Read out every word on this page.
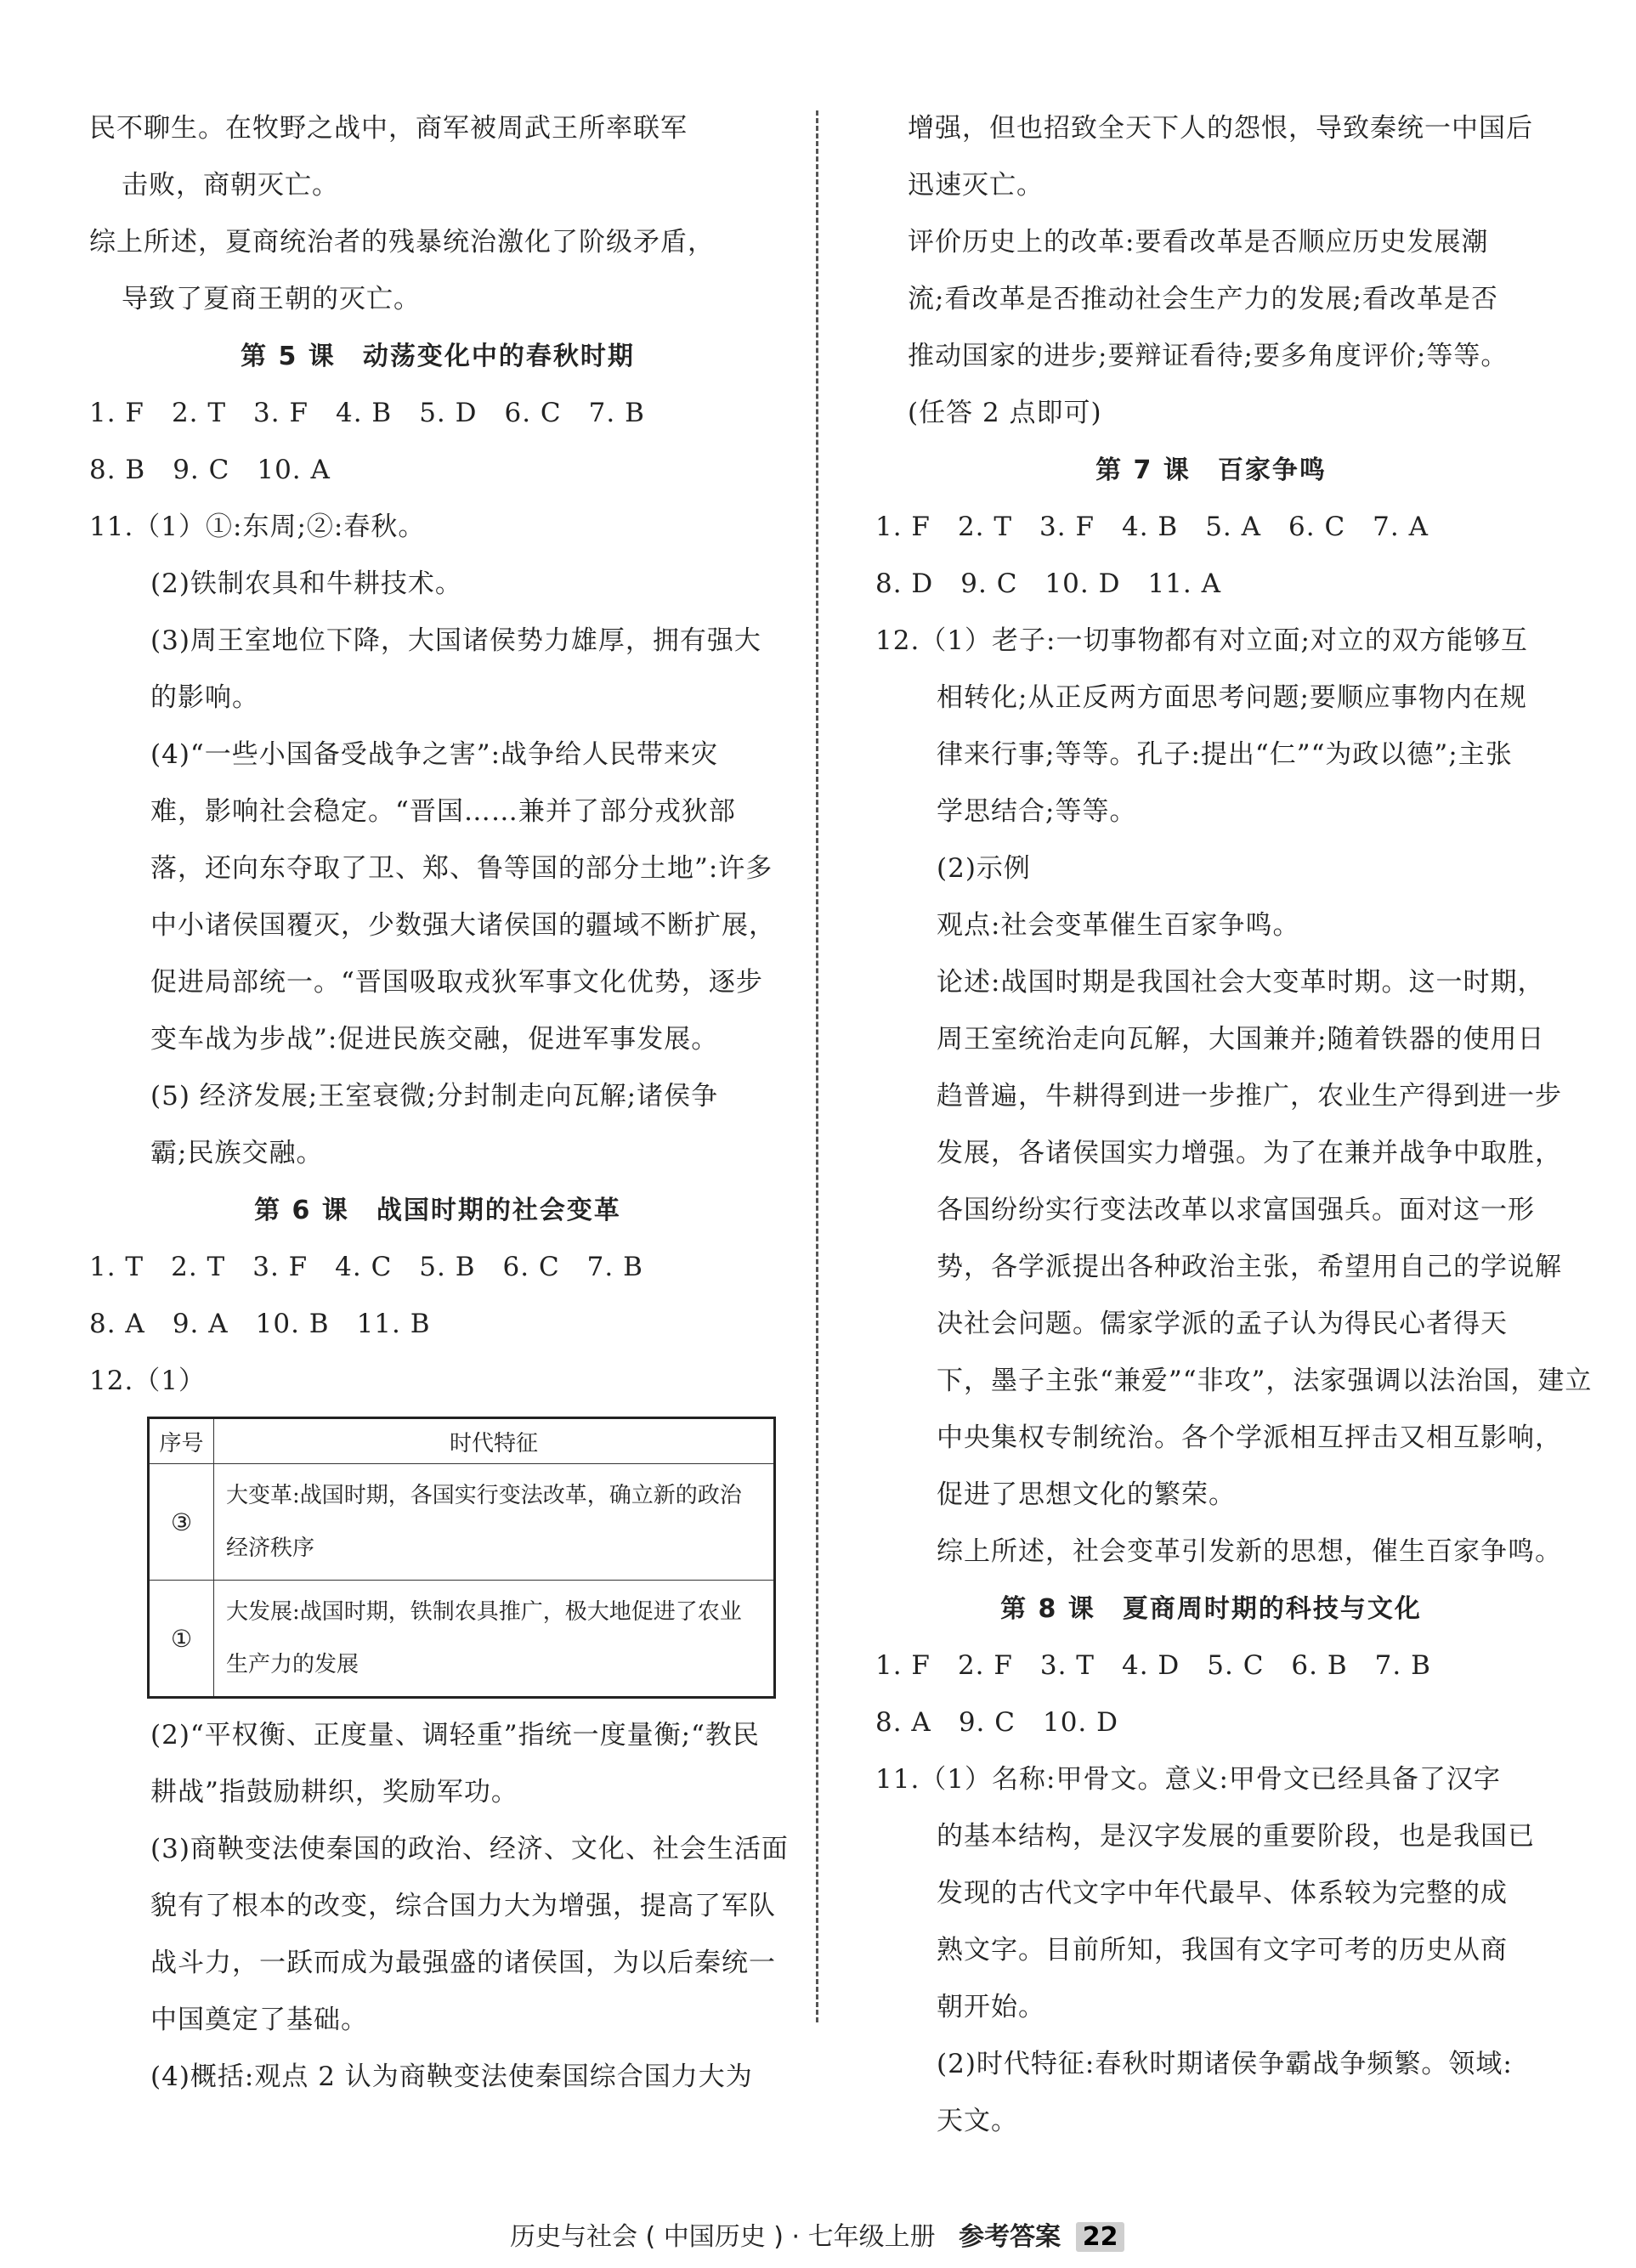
民不聊生。在牧野之战中，商军被周武王所率联军
击败，商朝灭亡。
综上所述，夏商统治者的残暴统治激化了阶级矛盾，
导致了夏商王朝的灭亡。
第 5 课　动荡变化中的春秋时期
1. F　2. T　3. F　4. B　5. D　6. C　7. B
8. B　9. C　10. A
11.（1）①:东周;②:春秋。
(2)铁制农具和牛耕技术。
(3)周王室地位下降，大国诸侯势力雄厚，拥有强大
的影响。
(4)“一些小国备受战争之害”:战争给人民带来灾
难，影响社会稳定。“晋国……兼并了部分戎狄部
落，还向东夺取了卫、郑、鲁等国的部分土地”:许多
中小诸侯国覆灭，少数强大诸侯国的疆域不断扩展，
促进局部统一。“晋国吸取戎狄军事文化优势，逐步
变车战为步战”:促进民族交融，促进军事发展。
(5) 经济发展;王室衰微;分封制走向瓦解;诸侯争
霸;民族交融。
第 6 课　战国时期的社会变革
1. T　2. T　3. F　4. C　5. B　6. C　7. B
8. A　9. A　10. B　11. B
12.（1）
序号	时代特征
③	大变革:战国时期，各国实行变法改革，确立新的政治
经济秩序

①	大发展:战国时期，铁制农具推广，极大地促进了农业
生产力的发展
(2)“平权衡、正度量、调轻重”指统一度量衡;“教民
耕战”指鼓励耕织，奖励军功。
(3)商鞅变法使秦国的政治、经济、文化、社会生活面
貌有了根本的改变，综合国力大为增强，提高了军队
战斗力，一跃而成为最强盛的诸侯国，为以后秦统一
中国奠定了基础。
(4)概括:观点 2 认为商鞅变法使秦国综合国力大为
增强，但也招致全天下人的怨恨，导致秦统一中国后
迅速灭亡。
评价历史上的改革:要看改革是否顺应历史发展潮
流;看改革是否推动社会生产力的发展;看改革是否
推动国家的进步;要辩证看待;要多角度评价;等等。
(任答 2 点即可)
第 7 课　百家争鸣
1. F　2. T　3. F　4. B　5. A　6. C　7. A
8. D　9. C　10. D　11. A
12.（1）老子:一切事物都有对立面;对立的双方能够互
相转化;从正反两方面思考问题;要顺应事物内在规
律来行事;等等。孔子:提出“仁”“为政以德”;主张
学思结合;等等。
(2)示例
观点:社会变革催生百家争鸣。
论述:战国时期是我国社会大变革时期。这一时期，
周王室统治走向瓦解，大国兼并;随着铁器的使用日
趋普遍，牛耕得到进一步推广，农业生产得到进一步
发展，各诸侯国实力增强。为了在兼并战争中取胜，
各国纷纷实行变法改革以求富国强兵。面对这一形
势，各学派提出各种政治主张，希望用自己的学说解
决社会问题。儒家学派的孟子认为得民心者得天
下，墨子主张“兼爱”“非攻”，法家强调以法治国，建立
中央集权专制统治。各个学派相互抨击又相互影响，
促进了思想文化的繁荣。
综上所述，社会变革引发新的思想，催生百家争鸣。
第 8 课　夏商周时期的科技与文化
1. F　2. F　3. T　4. D　5. C　6. B　7. B
8. A　9. C　10. D
11.（1）名称:甲骨文。意义:甲骨文已经具备了汉字
的基本结构，是汉字发展的重要阶段，也是我国已
发现的古代文字中年代最早、体系较为完整的成
熟文字。目前所知，我国有文字可考的历史从商
朝开始。
(2)时代特征:春秋时期诸侯争霸战争频繁。领域:
天文。
历史与社会 ( 中国历史 ) · 七年级上册 参考答案 22
